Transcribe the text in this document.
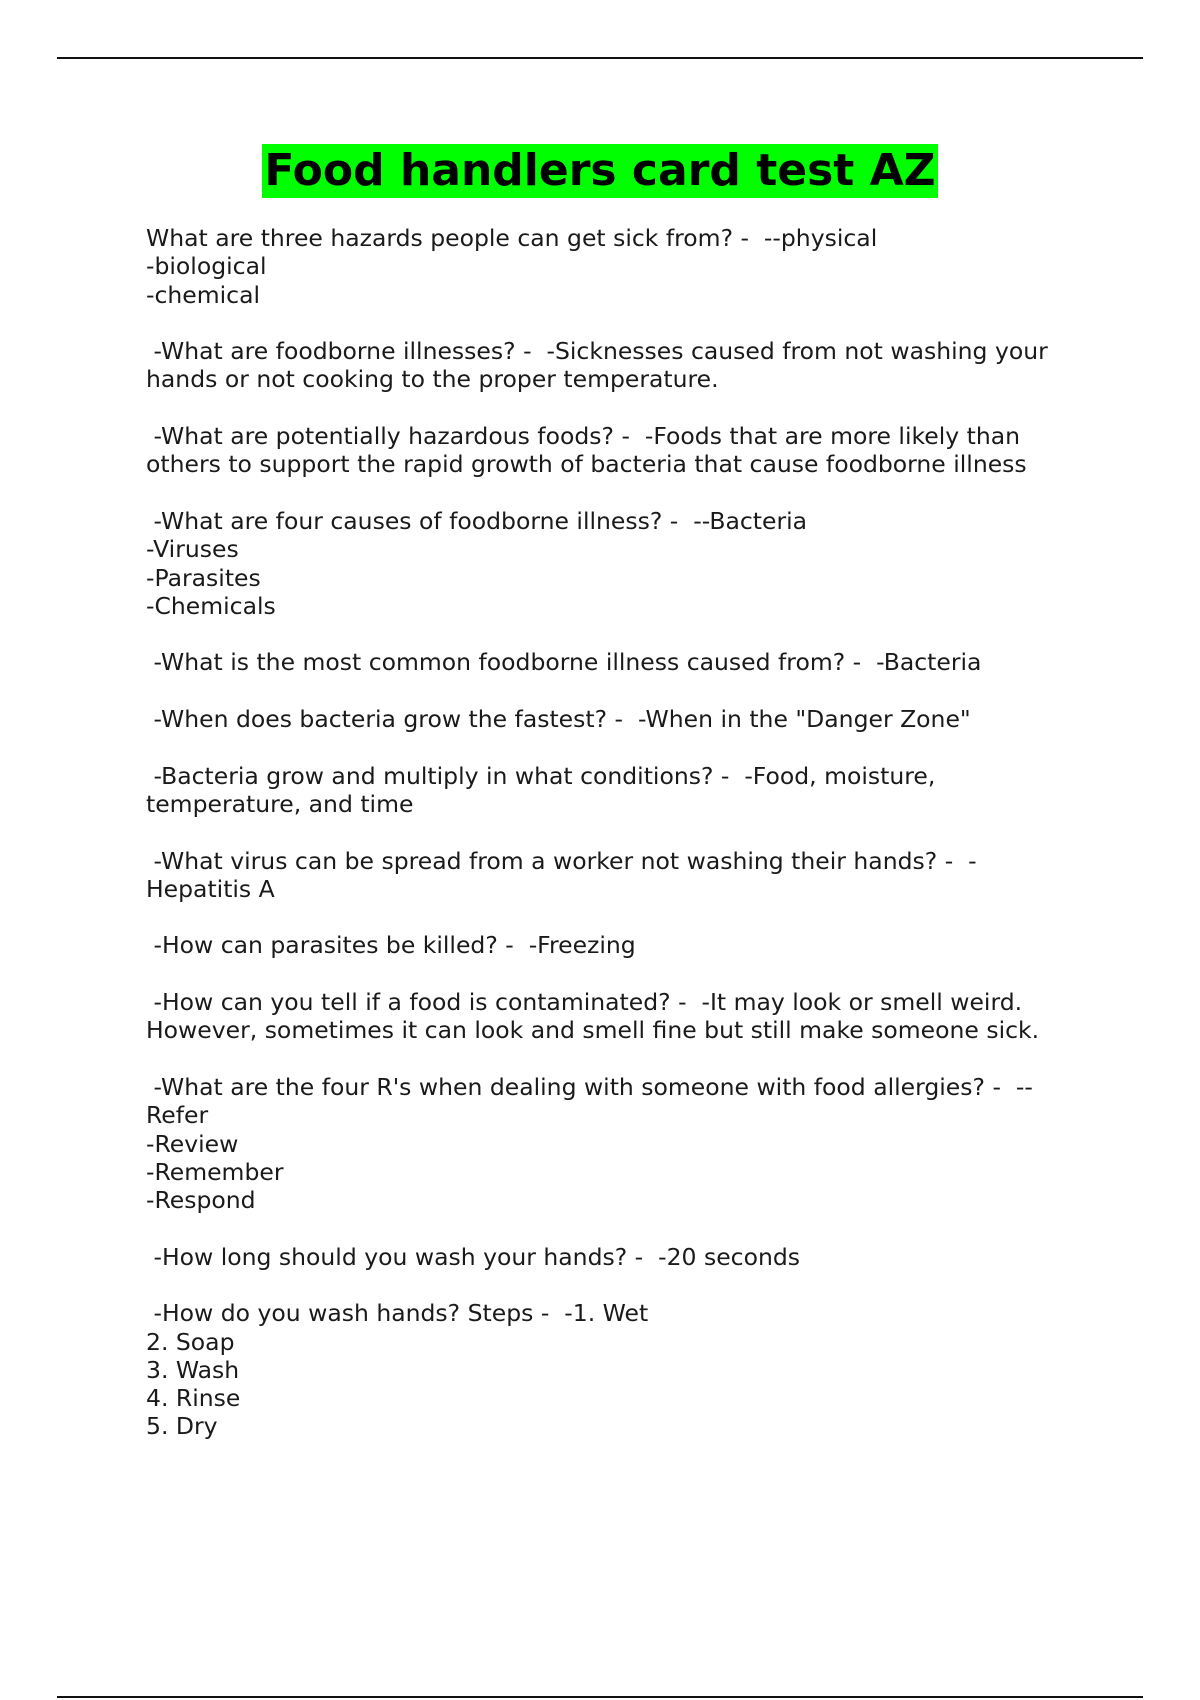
Food handlers card test AZ
What are three hazards people can get sick from? -  --physical
-biological
-chemical
-What are foodborne illnesses? -  -Sicknesses caused from not washing your
hands or not cooking to the proper temperature.
-What are potentially hazardous foods? -  -Foods that are more likely than
others to support the rapid growth of bacteria that cause foodborne illness
-What are four causes of foodborne illness? -  --Bacteria
-Viruses
-Parasites
-Chemicals
-What is the most common foodborne illness caused from? -  -Bacteria
-When does bacteria grow the fastest? -  -When in the "Danger Zone"
-Bacteria grow and multiply in what conditions? -  -Food, moisture,
temperature, and time
-What virus can be spread from a worker not washing their hands? -  -
Hepatitis A
-How can parasites be killed? -  -Freezing
-How can you tell if a food is contaminated? -  -It may look or smell weird.
However, sometimes it can look and smell fine but still make someone sick.
-What are the four R's when dealing with someone with food allergies? -  --
Refer
-Review
-Remember
-Respond
-How long should you wash your hands? -  -20 seconds
-How do you wash hands? Steps -  -1. Wet
2. Soap
3. Wash
4. Rinse
5. Dry
